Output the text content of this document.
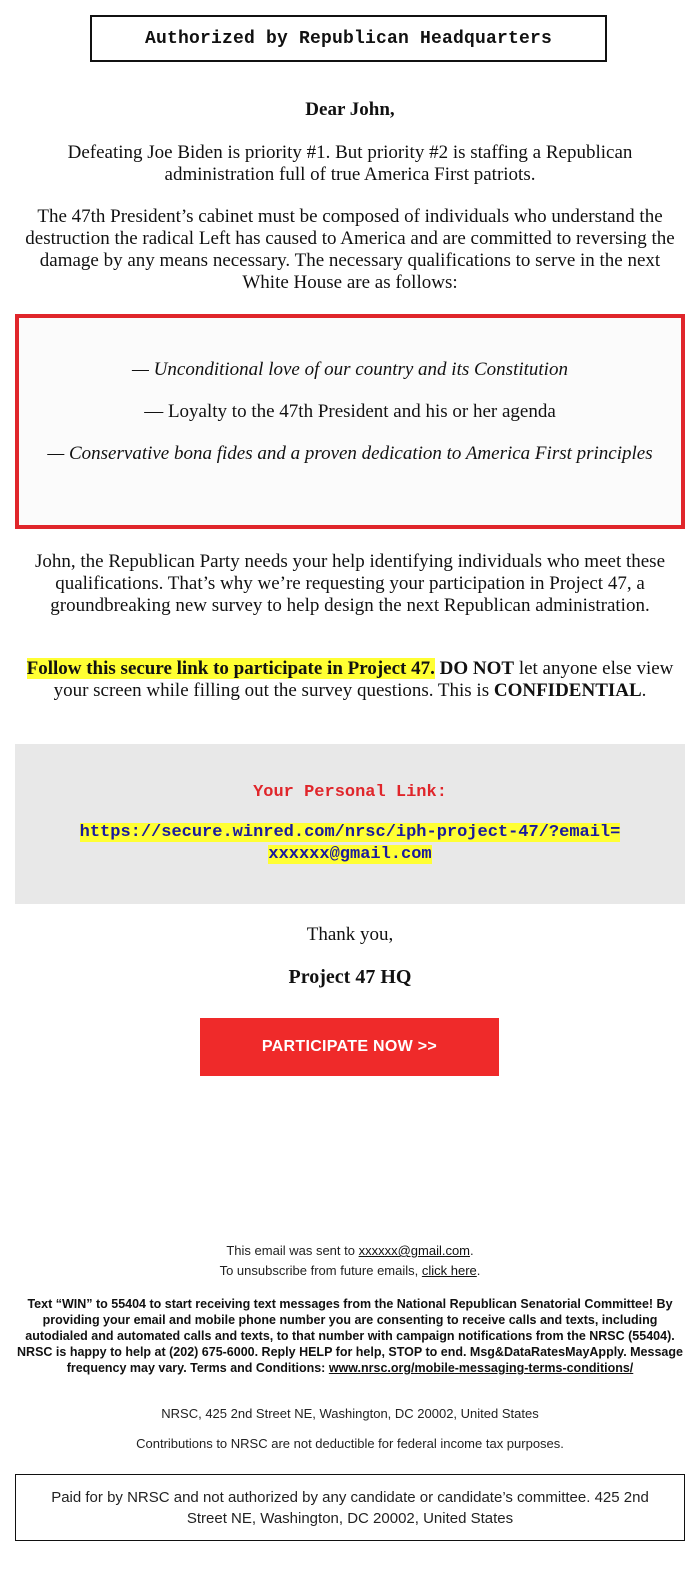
Authorized by Republican Headquarters
Dear John,
Defeating Joe Biden is priority #1. But priority #2 is staffing a Republican administration full of true America First patriots.
The 47th President’s cabinet must be composed of individuals who understand the destruction the radical Left has caused to America and are committed to reversing the damage by any means necessary. The necessary qualifications to serve in the next White House are as follows:
— Unconditional love of our country and its Constitution
— Loyalty to the 47th President and his or her agenda
— Conservative bona fides and a proven dedication to America First principles
John, the Republican Party needs your help identifying individuals who meet these qualifications. That’s why we’re requesting your participation in Project 47, a groundbreaking new survey to help design the next Republican administration.
Follow this secure link to participate in Project 47. DO NOT let anyone else view your screen while filling out the survey questions. This is CONFIDENTIAL.
Your Personal Link:
https://secure.winred.com/nrsc/iph-project-47/?email=xxxxxx@gmail.com
Thank you,
Project 47 HQ
PARTICIPATE NOW >>
This email was sent to xxxxxx@gmail.com.
To unsubscribe from future emails, click here.
Text “WIN” to 55404 to start receiving text messages from the National Republican Senatorial Committee! By providing your email and mobile phone number you are consenting to receive calls and texts, including autodialed and automated calls and texts, to that number with campaign notifications from the NRSC (55404). NRSC is happy to help at (202) 675-6000. Reply HELP for help, STOP to end. Msg&DataRatesMayApply. Message frequency may vary. Terms and Conditions: www.nrsc.org/mobile-messaging-terms-conditions/
NRSC, 425 2nd Street NE, Washington, DC 20002, United States
Contributions to NRSC are not deductible for federal income tax purposes.
Paid for by NRSC and not authorized by any candidate or candidate’s committee. 425 2nd Street NE, Washington, DC 20002, United States
